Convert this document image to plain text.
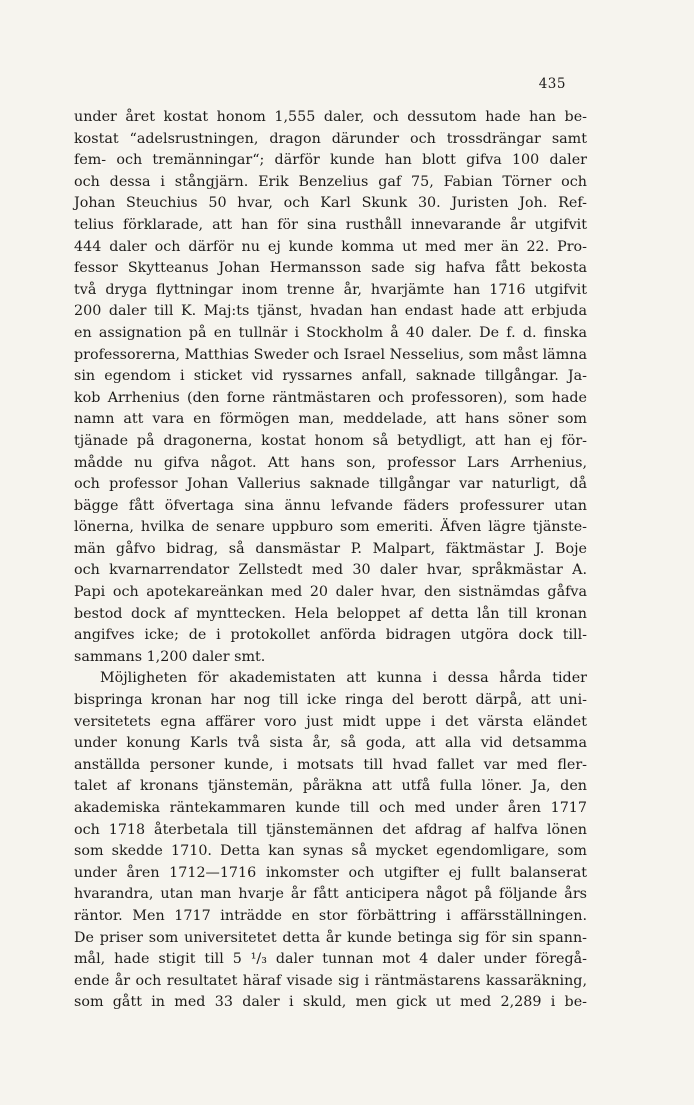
435
under året kostat honom 1,555 daler, och dessutom hade han be-
kostat “adelsrustningen, dragon därunder och trossdrängar samt
fem- och tremänningar“; därför kunde han blott gifva 100 daler
och dessa i stångjärn. Erik Benzelius gaf 75, Fabian Törner och
Johan Steuchius 50 hvar, och Karl Skunk 30. Juristen Joh. Ref-
telius förklarade, att han för sina rusthåll innevarande år utgifvit
444 daler och därför nu ej kunde komma ut med mer än 22. Pro-
fessor Skytteanus Johan Hermansson sade sig hafva fått bekosta
två dryga flyttningar inom trenne år, hvarjämte han 1716 utgifvit
200 daler till K. Maj:ts tjänst, hvadan han endast hade att erbjuda
en assignation på en tullnär i Stockholm å 40 daler. De f. d. finska
professorerna, Matthias Sweder och Israel Nesselius, som måst lämna
sin egendom i sticket vid ryssarnes anfall, saknade tillgångar. Ja-
kob Arrhenius (den forne räntmästaren och professoren), som hade
namn att vara en förmögen man, meddelade, att hans söner som
tjänade på dragonerna, kostat honom så betydligt, att han ej för-
mådde nu gifva något. Att hans son, professor Lars Arrhenius,
och professor Johan Vallerius saknade tillgångar var naturligt, då
bägge fått öfvertaga sina ännu lefvande fäders professurer utan
lönerna, hvilka de senare uppburo som emeriti. Äfven lägre tjänste-
män gåfvo bidrag, så dansmästar P. Malpart, fäktmästar J. Boje
och kvarnarrendator Zellstedt med 30 daler hvar, språkmästar A.
Papi och apotekareänkan med 20 daler hvar, den sistnämdas gåfva
bestod dock af mynttecken. Hela beloppet af detta lån till kronan
angifves icke; de i protokollet anförda bidragen utgöra dock till-
sammans 1,200 daler smt.
Möjligheten för akademistaten att kunna i dessa hårda tider
bispringa kronan har nog till icke ringa del berott därpå, att uni-
versitetets egna affärer voro just midt uppe i det värsta eländet
under konung Karls två sista år, så goda, att alla vid detsamma
anställda personer kunde, i motsats till hvad fallet var med fler-
talet af kronans tjänstemän, påräkna att utfå fulla löner. Ja, den
akademiska räntekammaren kunde till och med under åren 1717
och 1718 återbetala till tjänstemännen det afdrag af halfva lönen
som skedde 1710. Detta kan synas så mycket egendomligare, som
under åren 1712—1716 inkomster och utgifter ej fullt balanserat
hvarandra, utan man hvarje år fått anticipera något på följande års
räntor. Men 1717 inträdde en stor förbättring i affärsställningen.
De priser som universitetet detta år kunde betinga sig för sin spann-
mål, hade stigit till 5 ¹/₃ daler tunnan mot 4 daler under föregå-
ende år och resultatet häraf visade sig i räntmästarens kassaräkning,
som gått in med 33 daler i skuld, men gick ut med 2,289 i be-
